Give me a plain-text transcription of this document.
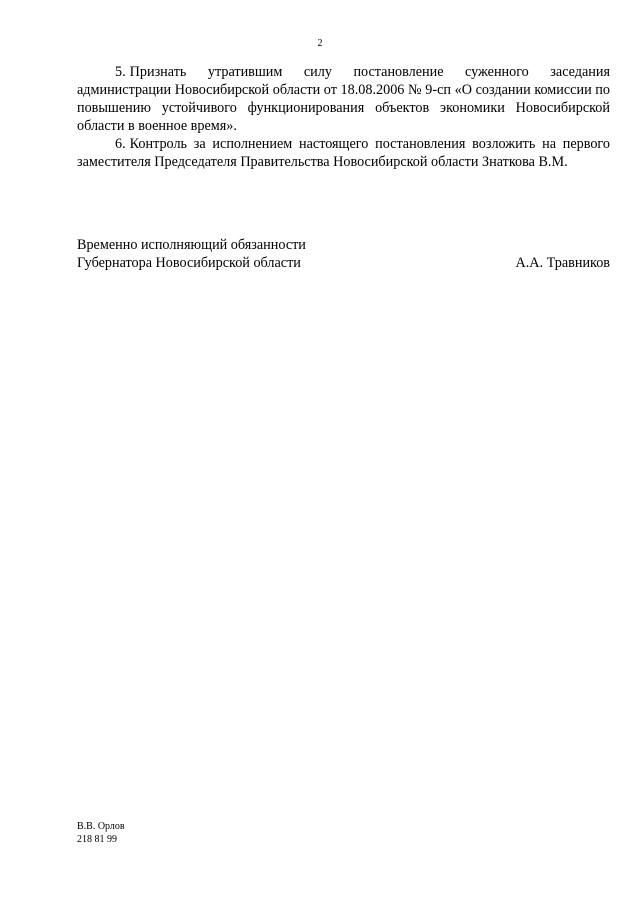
2

5. Признать утратившим силу постановление суженного заседания администрации Новосибирской области от 18.08.2006 № 9-сп «О создании комиссии по повышению устойчивого функционирования объектов экономики Новосибирской области в военное время».

6. Контроль за исполнением настоящего постановления возложить на первого заместителя Председателя Правительства Новосибирской области Знаткова В.М.

Временно исполняющий обязанности
Губернатора Новосибирской области	А.А. Травников
В.В. Орлов
218 81 99
